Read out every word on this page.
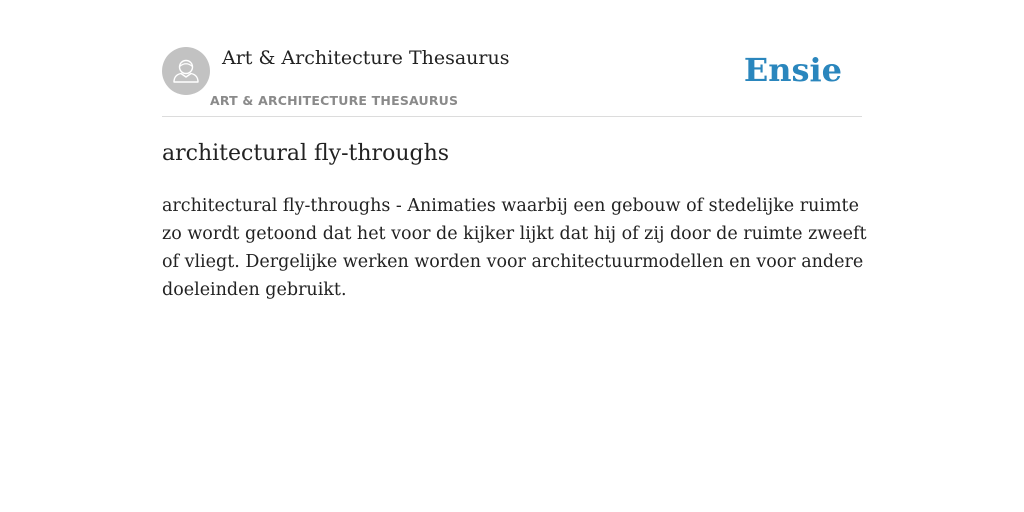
Art & Architecture Thesaurus
ART & ARCHITECTURE THESAURUS
Ensie
architectural fly-throughs

architectural fly-throughs - Animaties waarbij een gebouw of stedelijke ruimte zo wordt getoond dat het voor de kijker lijkt dat hij of zij door de ruimte zweeft of vliegt. Dergelijke werken worden voor architectuurmodellen en voor andere doeleinden gebruikt.
